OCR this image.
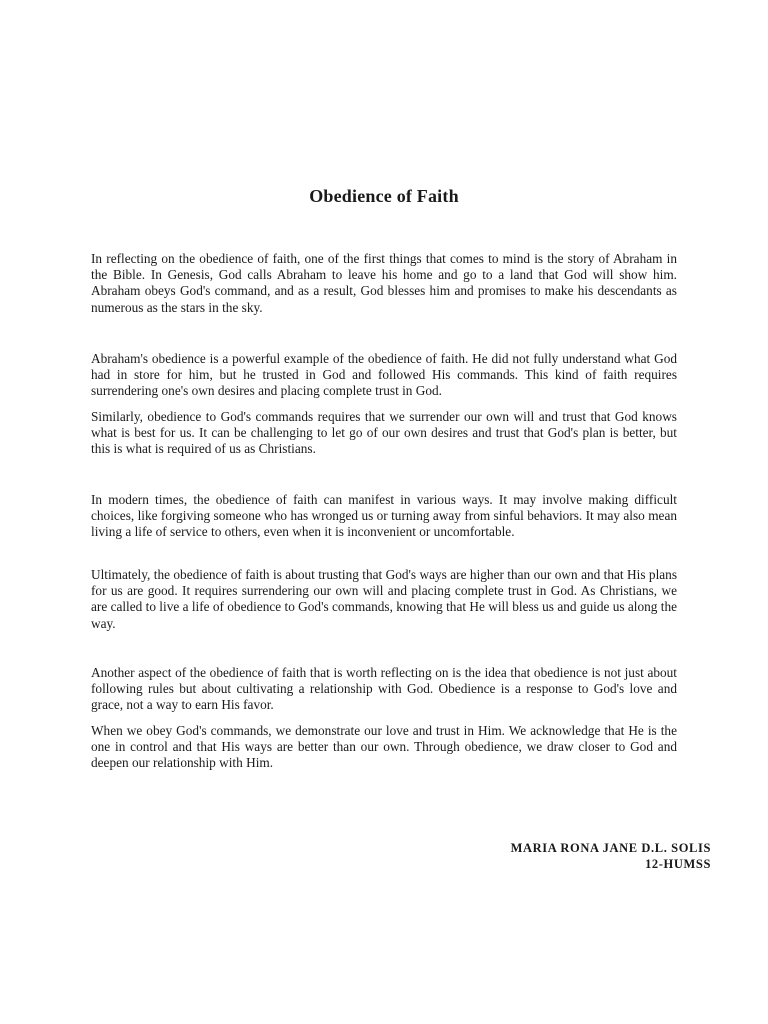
Obedience of Faith

In reflecting on the obedience of faith, one of the first things that comes to mind is the story of Abraham in the Bible. In Genesis, God calls Abraham to leave his home and go to a land that God will show him. Abraham obeys God's command, and as a result, God blesses him and promises to make his descendants as numerous as the stars in the sky.

Abraham's obedience is a powerful example of the obedience of faith. He did not fully understand what God had in store for him, but he trusted in God and followed His commands. This kind of faith requires surrendering one's own desires and placing complete trust in God.

Similarly, obedience to God's commands requires that we surrender our own will and trust that God knows what is best for us. It can be challenging to let go of our own desires and trust that God's plan is better, but this is what is required of us as Christians.

In modern times, the obedience of faith can manifest in various ways. It may involve making difficult choices, like forgiving someone who has wronged us or turning away from sinful behaviors. It may also mean living a life of service to others, even when it is inconvenient or uncomfortable.

Ultimately, the obedience of faith is about trusting that God's ways are higher than our own and that His plans for us are good. It requires surrendering our own will and placing complete trust in God. As Christians, we are called to live a life of obedience to God's commands, knowing that He will bless us and guide us along the way.

Another aspect of the obedience of faith that is worth reflecting on is the idea that obedience is not just about following rules but about cultivating a relationship with God. Obedience is a response to God's love and grace, not a way to earn His favor.

When we obey God's commands, we demonstrate our love and trust in Him. We acknowledge that He is the one in control and that His ways are better than our own. Through obedience, we draw closer to God and deepen our relationship with Him.

MARIA RONA JANE D.L. SOLIS
12-HUMSS
